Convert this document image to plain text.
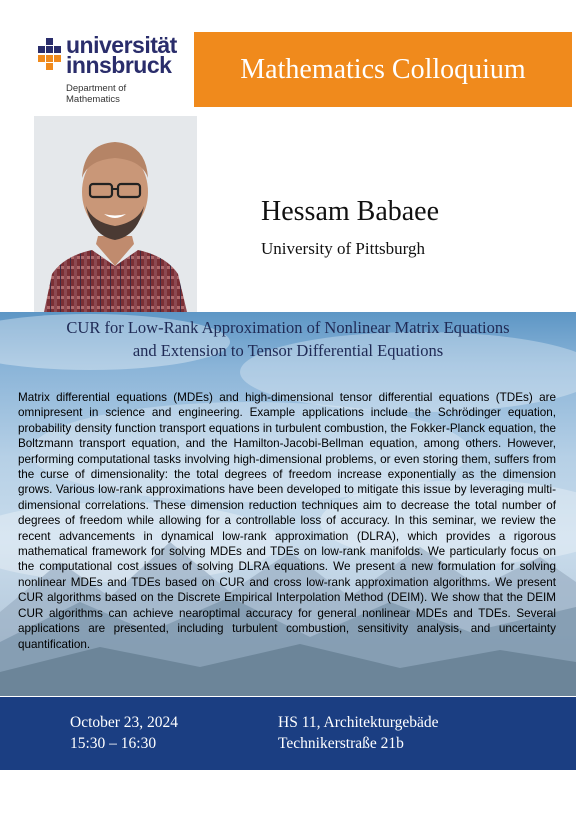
universität
innsbruck
Department of
Mathematics
Mathematics Colloquium
Hessam Babaee
University of Pittsburgh
CUR for Low-Rank Approximation of Nonlinear Matrix Equations
and Extension to Tensor Differential Equations
Matrix differential equations (MDEs) and high-dimensional tensor differential equations (TDEs) are omnipresent in science and engineering. Example applications include the Schrödinger equation, probability density function transport equations in turbulent combustion, the Fokker-Planck equation, the Boltzmann transport equation, and the Hamilton-Jacobi-Bellman equation, among others. However, performing computational tasks involving high-dimensional problems, or even storing them, suffers from the curse of dimensionality: the total degrees of freedom increase exponentially as the dimension grows. Various low-rank approximations have been developed to mitigate this issue by leveraging multi-dimensional correlations. These dimension reduction techniques aim to decrease the total number of degrees of freedom while allowing for a controllable loss of accuracy. In this seminar, we review the recent advancements in dynamical low-rank approximation (DLRA), which provides a rigorous mathematical framework for solving MDEs and TDEs on low-rank manifolds. We particularly focus on the computational cost issues of solving DLRA equations. We present a new formulation for solving nonlinear MDEs and TDEs based on CUR and cross low-rank approximation algorithms. We present CUR algorithms based on the Discrete Empirical Interpolation Method (DEIM). We show that the DEIM CUR algorithms can achieve nearoptimal accuracy for general nonlinear MDEs and TDEs. Several applications are presented, including turbulent combustion, sensitivity analysis, and uncertainty quantification.
October 23, 2024
15:30 – 16:30
HS 11, Architekturgebäde
Technikerstraße 21b
